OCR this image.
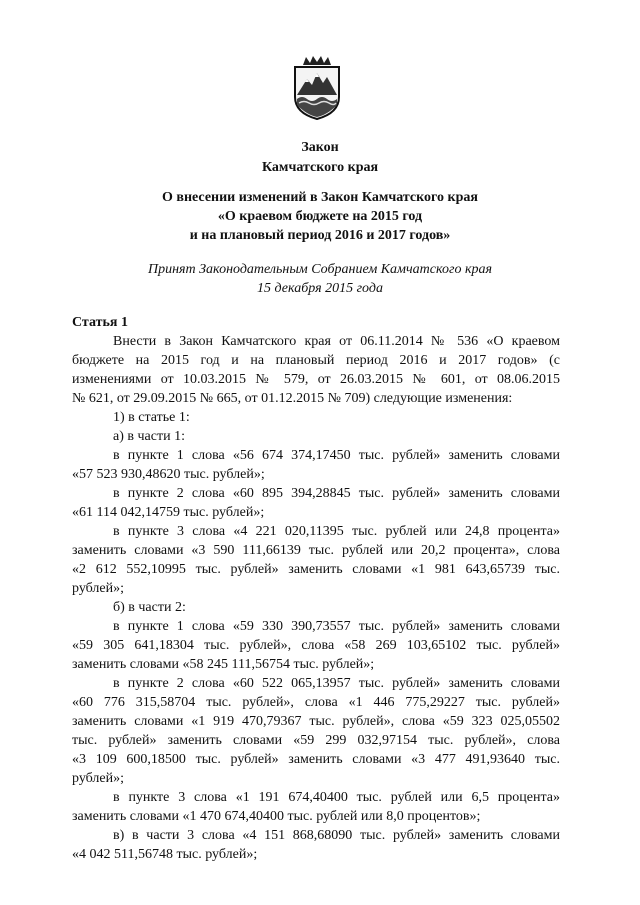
Закон
Камчатского края
О внесении изменений в Закон Камчатского края
«О краевом бюджете на 2015 год
и на плановый период 2016 и 2017 годов»
Принят Законодательным Собранием Камчатского края
15 декабря 2015 года
Статья 1
Внести в Закон Камчатского края от 06.11.2014 № 536 «О краевом
бюджете на 2015 год и на плановый период 2016 и 2017 годов» (с
изменениями от 10.03.2015 № 579, от 26.03.2015 № 601, от 08.06.2015
№ 621, от 29.09.2015 № 665, от 01.12.2015 № 709) следующие изменения:
1) в статье 1:
а) в части 1:
в пункте 1 слова «56 674 374,17450 тыс. рублей» заменить словами
«57 523 930,48620 тыс. рублей»;
в пункте 2 слова «60 895 394,28845 тыс. рублей» заменить словами
«61 114 042,14759 тыс. рублей»;
в пункте 3 слова «4 221 020,11395 тыс. рублей или 24,8 процента»
заменить словами «3 590 111,66139 тыс. рублей или 20,2 процента», слова
«2 612 552,10995 тыс. рублей» заменить словами «1 981 643,65739 тыс.
рублей»;
б) в части 2:
в пункте 1 слова «59 330 390,73557 тыс. рублей» заменить словами
«59 305 641,18304 тыс. рублей», слова «58 269 103,65102 тыс. рублей»
заменить словами «58 245 111,56754 тыс. рублей»;
в пункте 2 слова «60 522 065,13957 тыс. рублей» заменить словами
«60 776 315,58704 тыс. рублей», слова «1 446 775,29227 тыс. рублей»
заменить словами «1 919 470,79367 тыс. рублей», слова «59 323 025,05502
тыс. рублей» заменить словами «59 299 032,97154 тыс. рублей», слова
«3 109 600,18500 тыс. рублей» заменить словами «3 477 491,93640 тыс.
рублей»;
в пункте 3 слова «1 191 674,40400 тыс. рублей или 6,5 процента»
заменить словами «1 470 674,40400 тыс. рублей или 8,0 процентов»;
в) в части 3 слова «4 151 868,68090 тыс. рублей» заменить словами
«4 042 511,56748 тыс. рублей»;
